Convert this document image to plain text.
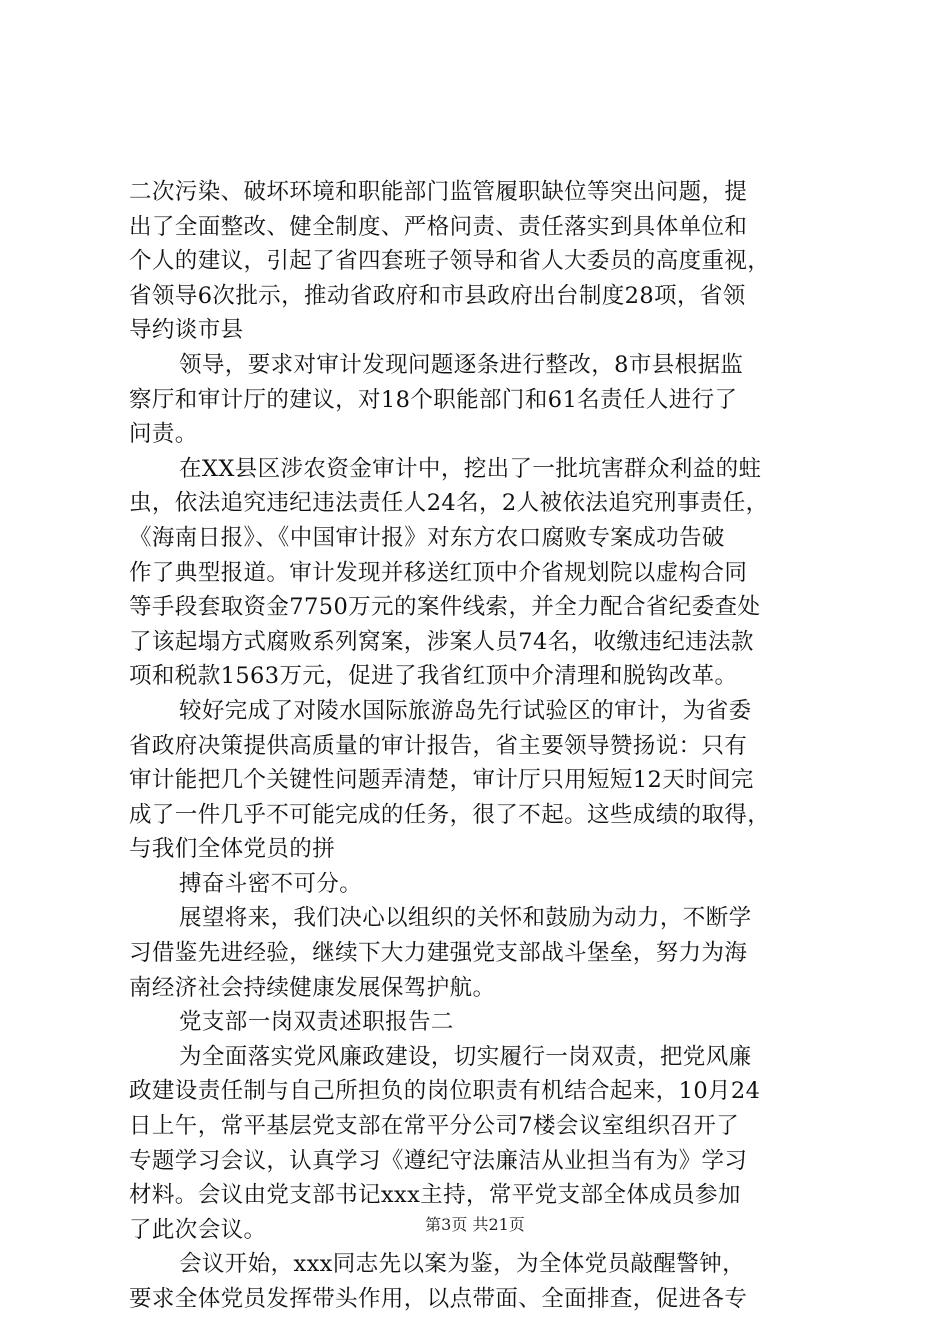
二次污染、破坏环境和职能部门监管履职缺位等突出问题，提
出了全面整改、健全制度、严格问责、责任落实到具体单位和
个人的建议，引起了省四套班子领导和省人大委员的高度重视，
省领导6次批示，推动省政府和市县政府出台制度28项，省领
导约谈市县
领导，要求对审计发现问题逐条进行整改，8市县根据监
察厅和审计厅的建议，对18个职能部门和61名责任人进行了
问责。
在XX县区涉农资金审计中，挖出了一批坑害群众利益的蛀
虫，依法追究违纪违法责任人24名，2人被依法追究刑事责任，
《海南日报》、《中国审计报》对东方农口腐败专案成功告破
作了典型报道。审计发现并移送红顶中介省规划院以虚构合同
等手段套取资金7750万元的案件线索，并全力配合省纪委查处
了该起塌方式腐败系列窝案，涉案人员74名，收缴违纪违法款
项和税款1563万元，促进了我省红顶中介清理和脱钩改革。
较好完成了对陵水国际旅游岛先行试验区的审计，为省委
省政府决策提供高质量的审计报告，省主要领导赞扬说：只有
审计能把几个关键性问题弄清楚，审计厅只用短短12天时间完
成了一件几乎不可能完成的任务，很了不起。这些成绩的取得，
与我们全体党员的拼
搏奋斗密不可分。
展望将来，我们决心以组织的关怀和鼓励为动力，不断学
习借鉴先进经验，继续下大力建强党支部战斗堡垒，努力为海
南经济社会持续健康发展保驾护航。
党支部一岗双责述职报告二
为全面落实党风廉政建设，切实履行一岗双责，把党风廉
政建设责任制与自己所担负的岗位职责有机结合起来，10月24
日上午，常平基层党支部在常平分公司7楼会议室组织召开了
专题学习会议，认真学习《遵纪守法廉洁从业担当有为》学习
材料。会议由党支部书记xxx主持，常平党支部全体成员参加
了此次会议。
会议开始，xxx同志先以案为鉴，为全体党员敲醒警钟，
要求全体党员发挥带头作用，以点带面、全面排查，促进各专
第3页 共21页
